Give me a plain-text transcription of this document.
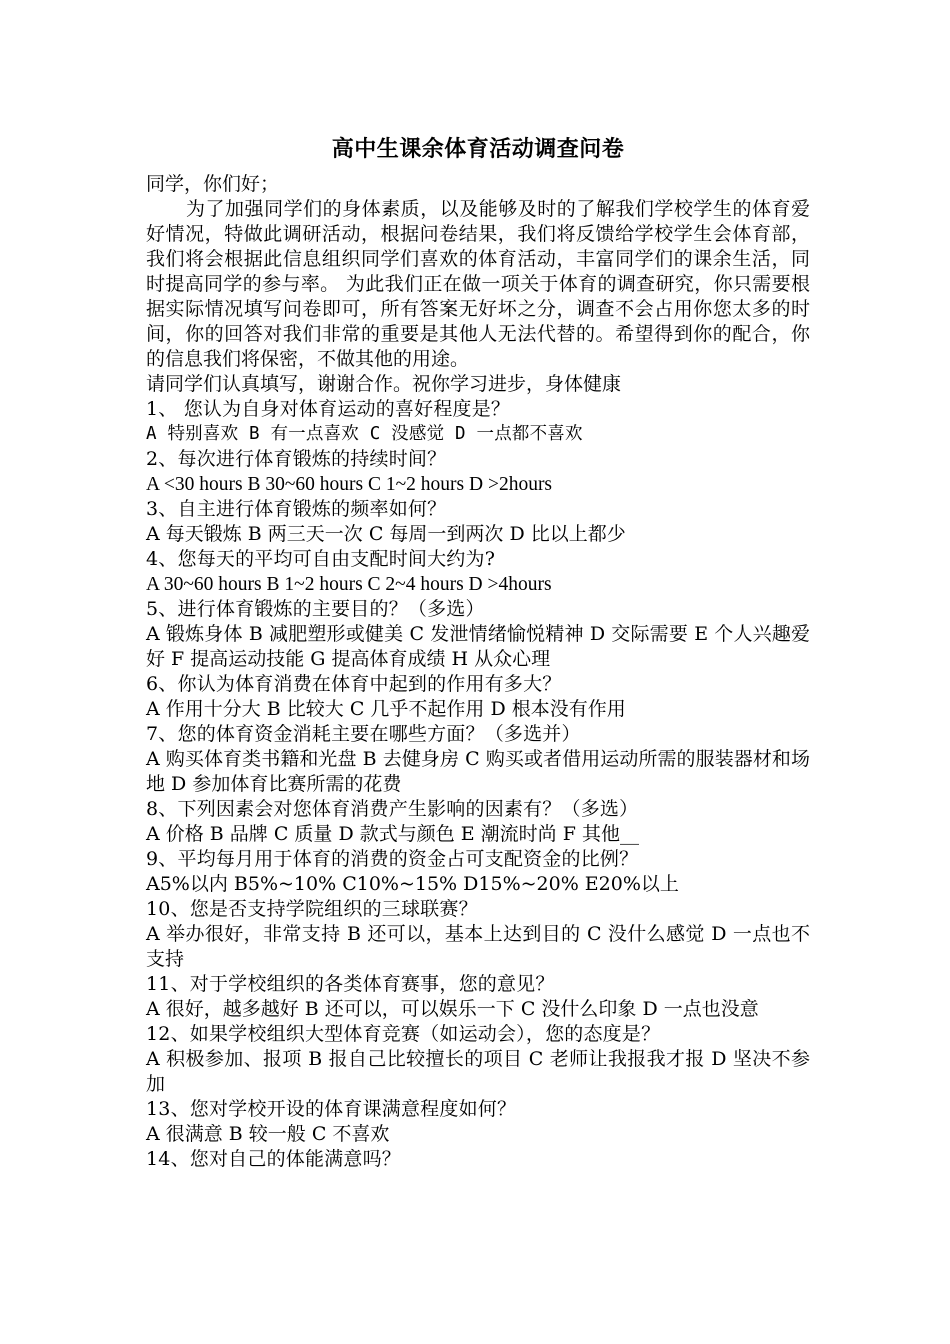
高中生课余体育活动调查问卷

同学，你们好；

为了加强同学们的身体素质，以及能够及时的了解我们学校学生的体育爱好情况，特做此调研活动，根据问卷结果，我们将反馈给学校学生会体育部，我们将会根据此信息组织同学们喜欢的体育活动，丰富同学们的课余生活，同时提高同学的参与率。 为此我们正在做一项关于体育的调查研究，你只需要根据实际情况填写问卷即可，所有答案无好坏之分，调查不会占用你您太多的时间，你的回答对我们非常的重要是其他人无法代替的。希望得到你的配合，你的信息我们将保密，不做其他的用途。

请同学们认真填写，谢谢合作。祝你学习进步，身体健康

1、 您认为自身对体育运动的喜好程度是？

A 特别喜欢 B 有一点喜欢 C 没感觉 D 一点都不喜欢

2、每次进行体育锻炼的持续时间？

A <30 hours B 30~60 hours C 1~2 hours D >2hours

3、自主进行体育锻炼的频率如何？

A 每天锻炼 B 两三天一次 C 每周一到两次 D 比以上都少

4、您每天的平均可自由支配时间大约为?

A 30~60 hours B 1~2 hours C 2~4 hours D >4hours

5、进行体育锻炼的主要目的？（多选）

A 锻炼身体 B 减肥塑形或健美 C 发泄情绪愉悦精神 D 交际需要 E 个人兴趣爱好 F 提高运动技能 G 提高体育成绩 H 从众心理

6、你认为体育消费在体育中起到的作用有多大？

A 作用十分大 B 比较大 C 几乎不起作用 D 根本没有作用

7、您的体育资金消耗主要在哪些方面？（多选并）

A 购买体育类书籍和光盘 B 去健身房 C 购买或者借用运动所需的服装器材和场地 D 参加体育比赛所需的花费

8、下列因素会对您体育消费产生影响的因素有？（多选）

A 价格 B 品牌 C 质量 D 款式与颜色 E 潮流时尚 F 其他__

9、平均每月用于体育的消费的资金占可支配资金的比例？

A5%以内 B5%~10% C10%~15% D15%~20% E20%以上

10、您是否支持学院组织的三球联赛？

A 举办很好，非常支持 B 还可以，基本上达到目的 C 没什么感觉 D 一点也不支持

11、对于学校组织的各类体育赛事，您的意见？

A 很好，越多越好 B 还可以，可以娱乐一下 C 没什么印象 D 一点也没意

12、如果学校组织大型体育竞赛（如运动会），您的态度是？

A 积极参加、报项 B 报自己比较擅长的项目 C 老师让我报我才报 D 坚决不参加

13、您对学校开设的体育课满意程度如何？

A 很满意 B 较一般 C 不喜欢

14、您对自己的体能满意吗？
